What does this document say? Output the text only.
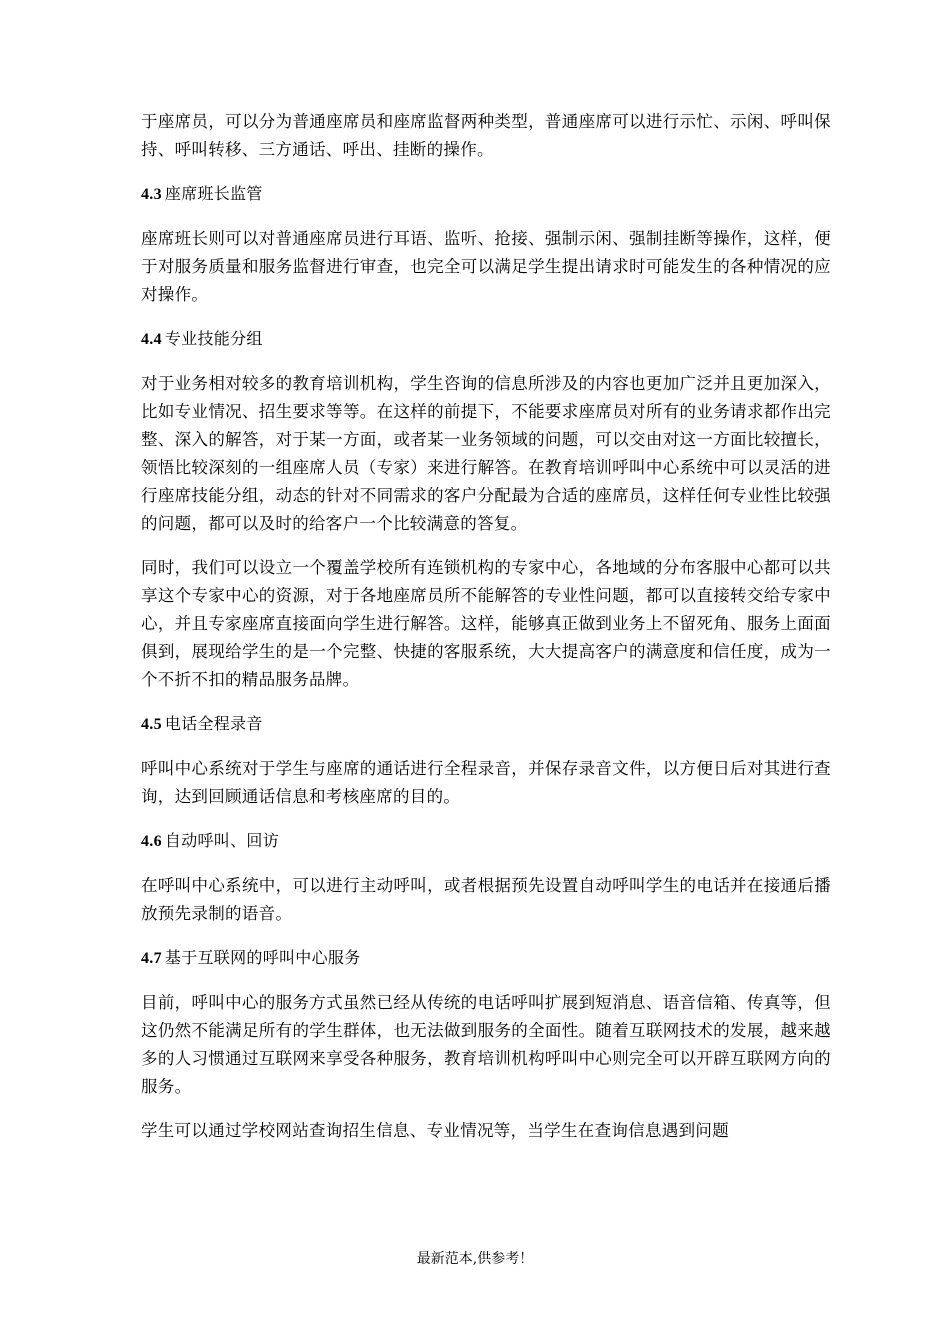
于座席员，可以分为普通座席员和座席监督两种类型，普通座席可以进行示忙、示闲、呼叫保持、呼叫转移、三方通话、呼出、挂断的操作。

4.3 座席班长监管

座席班长则可以对普通座席员进行耳语、监听、抢接、强制示闲、强制挂断等操作，这样，便于对服务质量和服务监督进行审查，也完全可以满足学生提出请求时可能发生的各种情况的应对操作。

4.4 专业技能分组

对于业务相对较多的教育培训机构，学生咨询的信息所涉及的内容也更加广泛并且更加深入，比如专业情况、招生要求等等。在这样的前提下，不能要求座席员对所有的业务请求都作出完整、深入的解答，对于某一方面，或者某一业务领域的问题，可以交由对这一方面比较擅长，领悟比较深刻的一组座席人员（专家）来进行解答。在教育培训呼叫中心系统中可以灵活的进行座席技能分组，动态的针对不同需求的客户分配最为合适的座席员，这样任何专业性比较强的问题，都可以及时的给客户一个比较满意的答复。

同时，我们可以设立一个覆盖学校所有连锁机构的专家中心，各地域的分布客服中心都可以共享这个专家中心的资源，对于各地座席员所不能解答的专业性问题，都可以直接转交给专家中心，并且专家座席直接面向学生进行解答。这样，能够真正做到业务上不留死角、服务上面面俱到，展现给学生的是一个完整、快捷的客服系统，大大提高客户的满意度和信任度，成为一个不折不扣的精品服务品牌。

4.5 电话全程录音

呼叫中心系统对于学生与座席的通话进行全程录音，并保存录音文件，以方便日后对其进行查询，达到回顾通话信息和考核座席的目的。

4.6 自动呼叫、回访

在呼叫中心系统中，可以进行主动呼叫，或者根据预先设置自动呼叫学生的电话并在接通后播放预先录制的语音。

4.7 基于互联网的呼叫中心服务

目前，呼叫中心的服务方式虽然已经从传统的电话呼叫扩展到短消息、语音信箱、传真等，但这仍然不能满足所有的学生群体，也无法做到服务的全面性。随着互联网技术的发展，越来越多的人习惯通过互联网来享受各种服务，教育培训机构呼叫中心则完全可以开辟互联网方向的服务。

学生可以通过学校网站查询招生信息、专业情况等，当学生在查询信息遇到问题

最新范本,供参考！
